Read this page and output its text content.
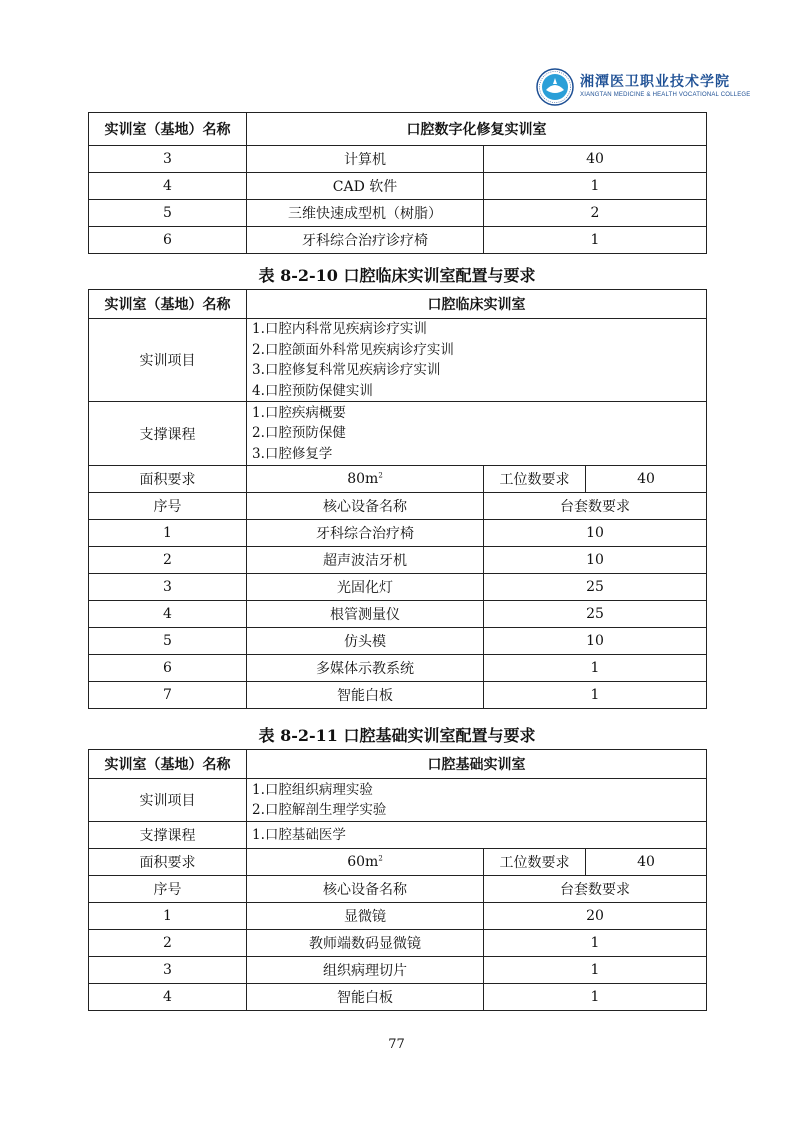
湘潭医卫职业技术学院
XIANGTAN MEDICINE & HEALTH VOCATIONAL COLLEGE
实训室（基地）名称	口腔数字化修复实训室	
3	计算机	40
4	CAD 软件	1
5	三维快速成型机（树脂）	2
6	牙科综合治疗诊疗椅	1
表 8-2-10 口腔临床实训室配置与要求
实训室（基地）名称	口腔临床实训室		
实训项目	1.口腔内科常见疾病诊疗实训
2.口腔颌面外科常见疾病诊疗实训
3.口腔修复科常见疾病诊疗实训
4.口腔预防保健实训		

支撑课程	1.口腔疾病概要
2.口腔预防保健
3.口腔修复学		

面积要求	$80m^2$	工位数要求	40
序号	核心设备名称	台套数要求	
1	牙科综合治疗椅	10	
2	超声波洁牙机	10	
3	光固化灯	25	
4	根管测量仪	25	
5	仿头模	10	
6	多媒体示教系统	1	
7	智能白板	1	
表 8-2-11 口腔基础实训室配置与要求
实训室（基地）名称	口腔基础实训室		
实训项目	1.口腔组织病理实验
2.口腔解剖生理学实验		

支撑课程	1.口腔基础医学		

面积要求	$60m^2$	工位数要求	40
序号	核心设备名称	台套数要求	
1	显微镜	20	
2	教师端数码显微镜	1	
3	组织病理切片	1	
4	智能白板	1	
77
